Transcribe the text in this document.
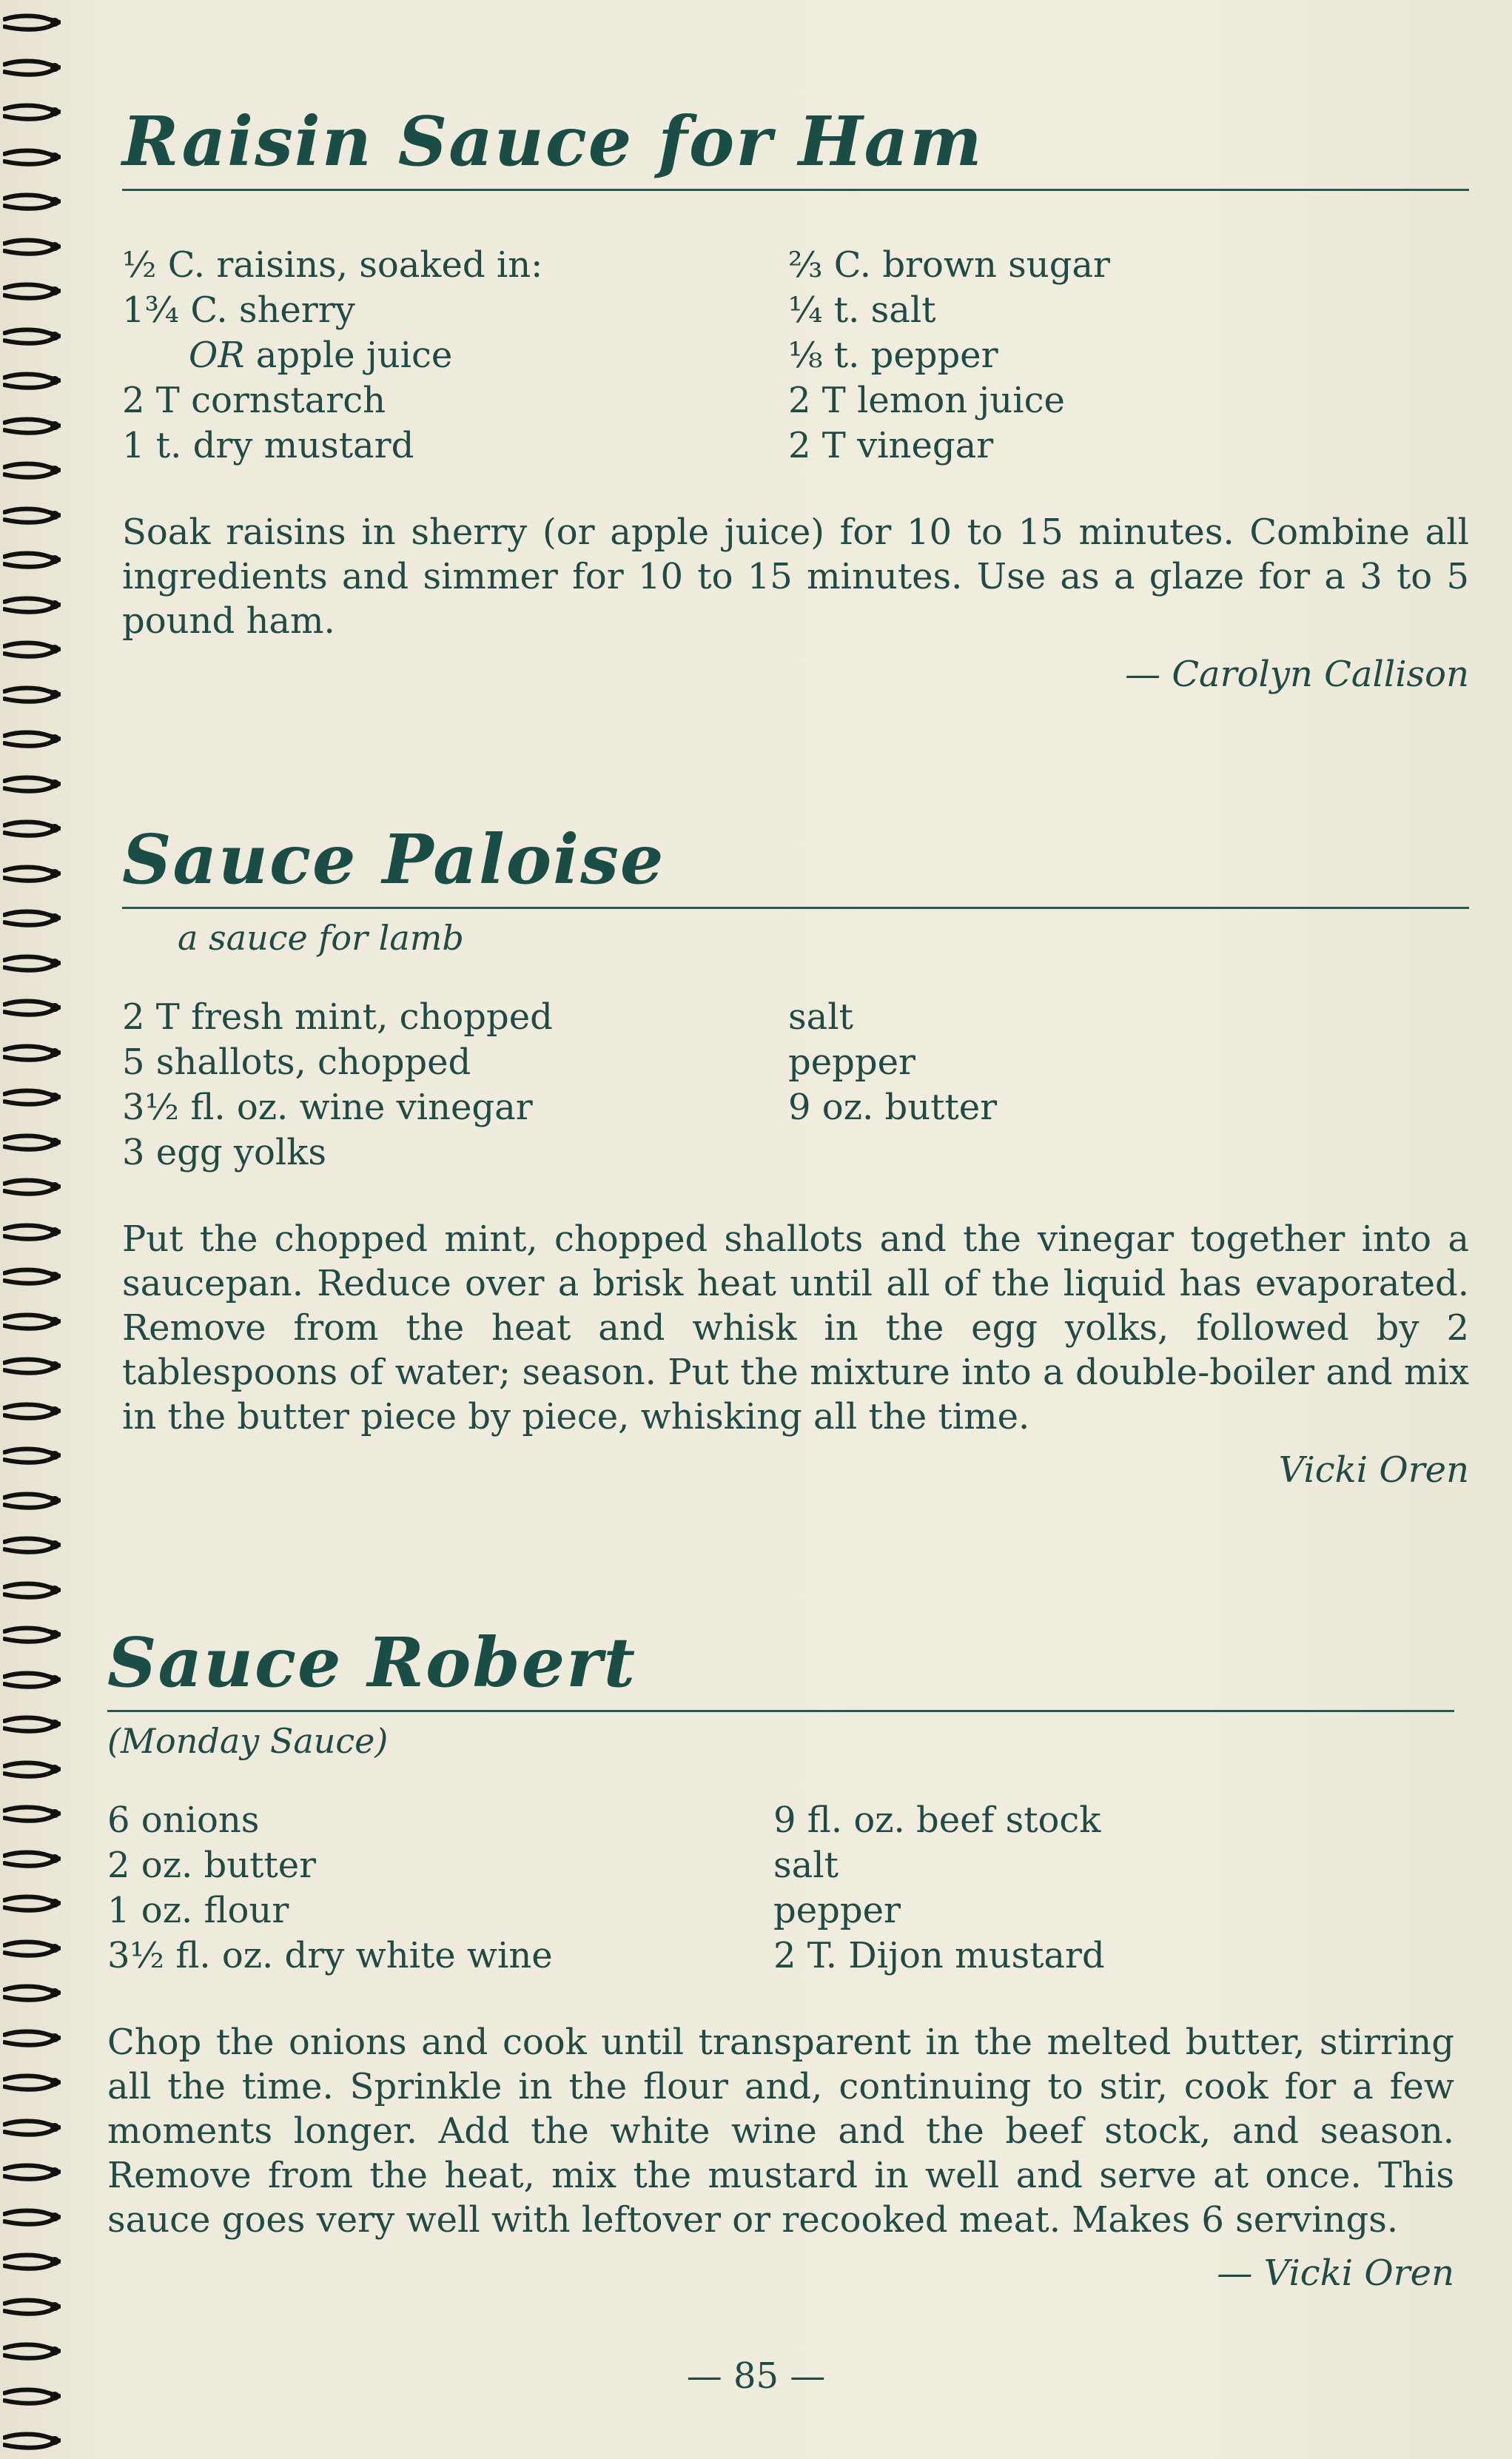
Raisin Sauce for Ham
½ C. raisins, soaked in:
1¾ C. sherry
OR apple juice
2 T cornstarch
1 t. dry mustard
⅔ C. brown sugar
¼ t. salt
⅛ t. pepper
2 T lemon juice
2 T vinegar

Soak raisins in sherry (or apple juice) for 10 to 15 minutes. Combine all ingredients and simmer for 10 to 15 minutes. Use as a glaze for a 3 to 5 pound ham.

— Carolyn Callison
Sauce Paloise
a sauce for lamb
2 T fresh mint, chopped
5 shallots, chopped
3½ fl. oz. wine vinegar
3 egg yolks
salt
pepper
9 oz. butter

Put the chopped mint, chopped shallots and the vinegar together into a saucepan. Reduce over a brisk heat until all of the liquid has evaporated. Remove from the heat and whisk in the egg yolks, followed by 2 tablespoons of water; season. Put the mixture into a double-boiler and mix in the butter piece by piece, whisking all the time.

Vicki Oren
Sauce Robert
(Monday Sauce)
6 onions
2 oz. butter
1 oz. flour
3½ fl. oz. dry white wine
9 fl. oz. beef stock
salt
pepper
2 T. Dijon mustard

Chop the onions and cook until transparent in the melted butter, stirring all the time. Sprinkle in the flour and, continuing to stir, cook for a few moments longer. Add the white wine and the beef stock, and season. Remove from the heat, mix the mustard in well and serve at once. This sauce goes very well with leftover or recooked meat. Makes 6 servings.

— Vicki Oren
— 85 —
